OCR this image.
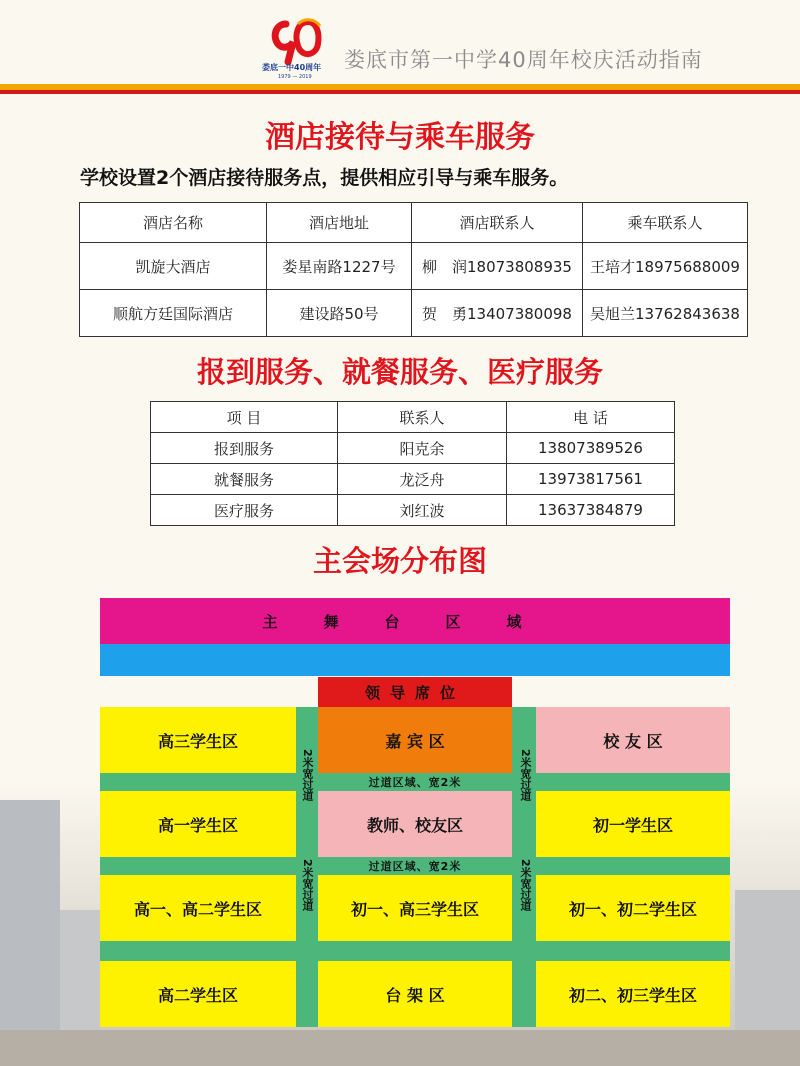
娄底一中40周年
1979 — 2019
娄底市第一中学40周年校庆活动指南
酒店接待与乘车服务
学校设置2个酒店接待服务点，提供相应引导与乘车服务。
酒店名称	酒店地址	酒店联系人	乘车联系人
凯旋大酒店	娄星南路1227号	柳　润18073808935	王培才18975688009
顺航方廷国际酒店	建设路50号	贺　勇13407380098	吴旭兰13762843638
报到服务、就餐服务、医疗服务
项 目	联系人	电 话
报到服务	阳克余	13807389526
就餐服务	龙泛舟	13973817561
医疗服务	刘红波	13637384879
主会场分布图
主舞台区域
领导席位
高三学生区	嘉 宾 区	校 友 区
高一学生区	教师、校友区	初一学生区
高一、高二学生区	初一、高三学生区	初一、初二学生区
高二学生区	台 架 区	初二、初三学生区
2米宽过道	2米宽过道
2米宽过道	2米宽过道
过道区域、宽2米
过道区域、宽2米
